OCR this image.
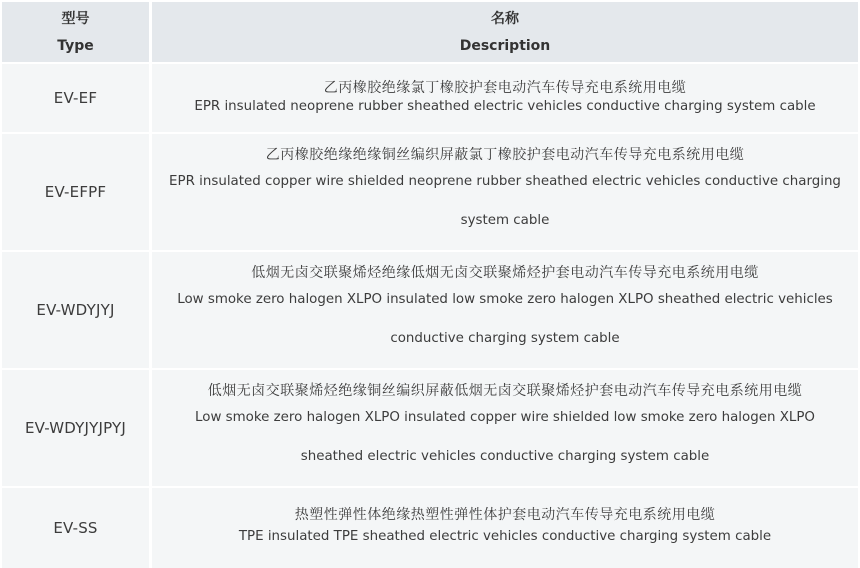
型号
Type
名称
Description
EV-EF
乙丙橡胶绝缘氯丁橡胶护套电动汽车传导充电系统用电缆
EPR insulated neoprene rubber sheathed electric vehicles conductive charging system cable
EV-EFPF
乙丙橡胶绝缘绝缘铜丝编织屏蔽氯丁橡胶护套电动汽车传导充电系统用电缆
EPR insulated copper wire shielded neoprene rubber sheathed electric vehicles conductive charging system cable
EV-WDYJYJ
低烟无卤交联聚烯烃绝缘低烟无卤交联聚烯烃护套电动汽车传导充电系统用电缆
Low smoke zero halogen XLPO insulated low smoke zero halogen XLPO sheathed electric vehicles conductive charging system cable
EV-WDYJYJPYJ
低烟无卤交联聚烯烃绝缘铜丝编织屏蔽低烟无卤交联聚烯烃护套电动汽车传导充电系统用电缆
Low smoke zero halogen XLPO insulated copper wire shielded low smoke zero halogen XLPO sheathed electric vehicles conductive charging system cable
EV-SS
热塑性弹性体绝缘热塑性弹性体护套电动汽车传导充电系统用电缆
TPE insulated TPE sheathed electric vehicles conductive charging system cable
